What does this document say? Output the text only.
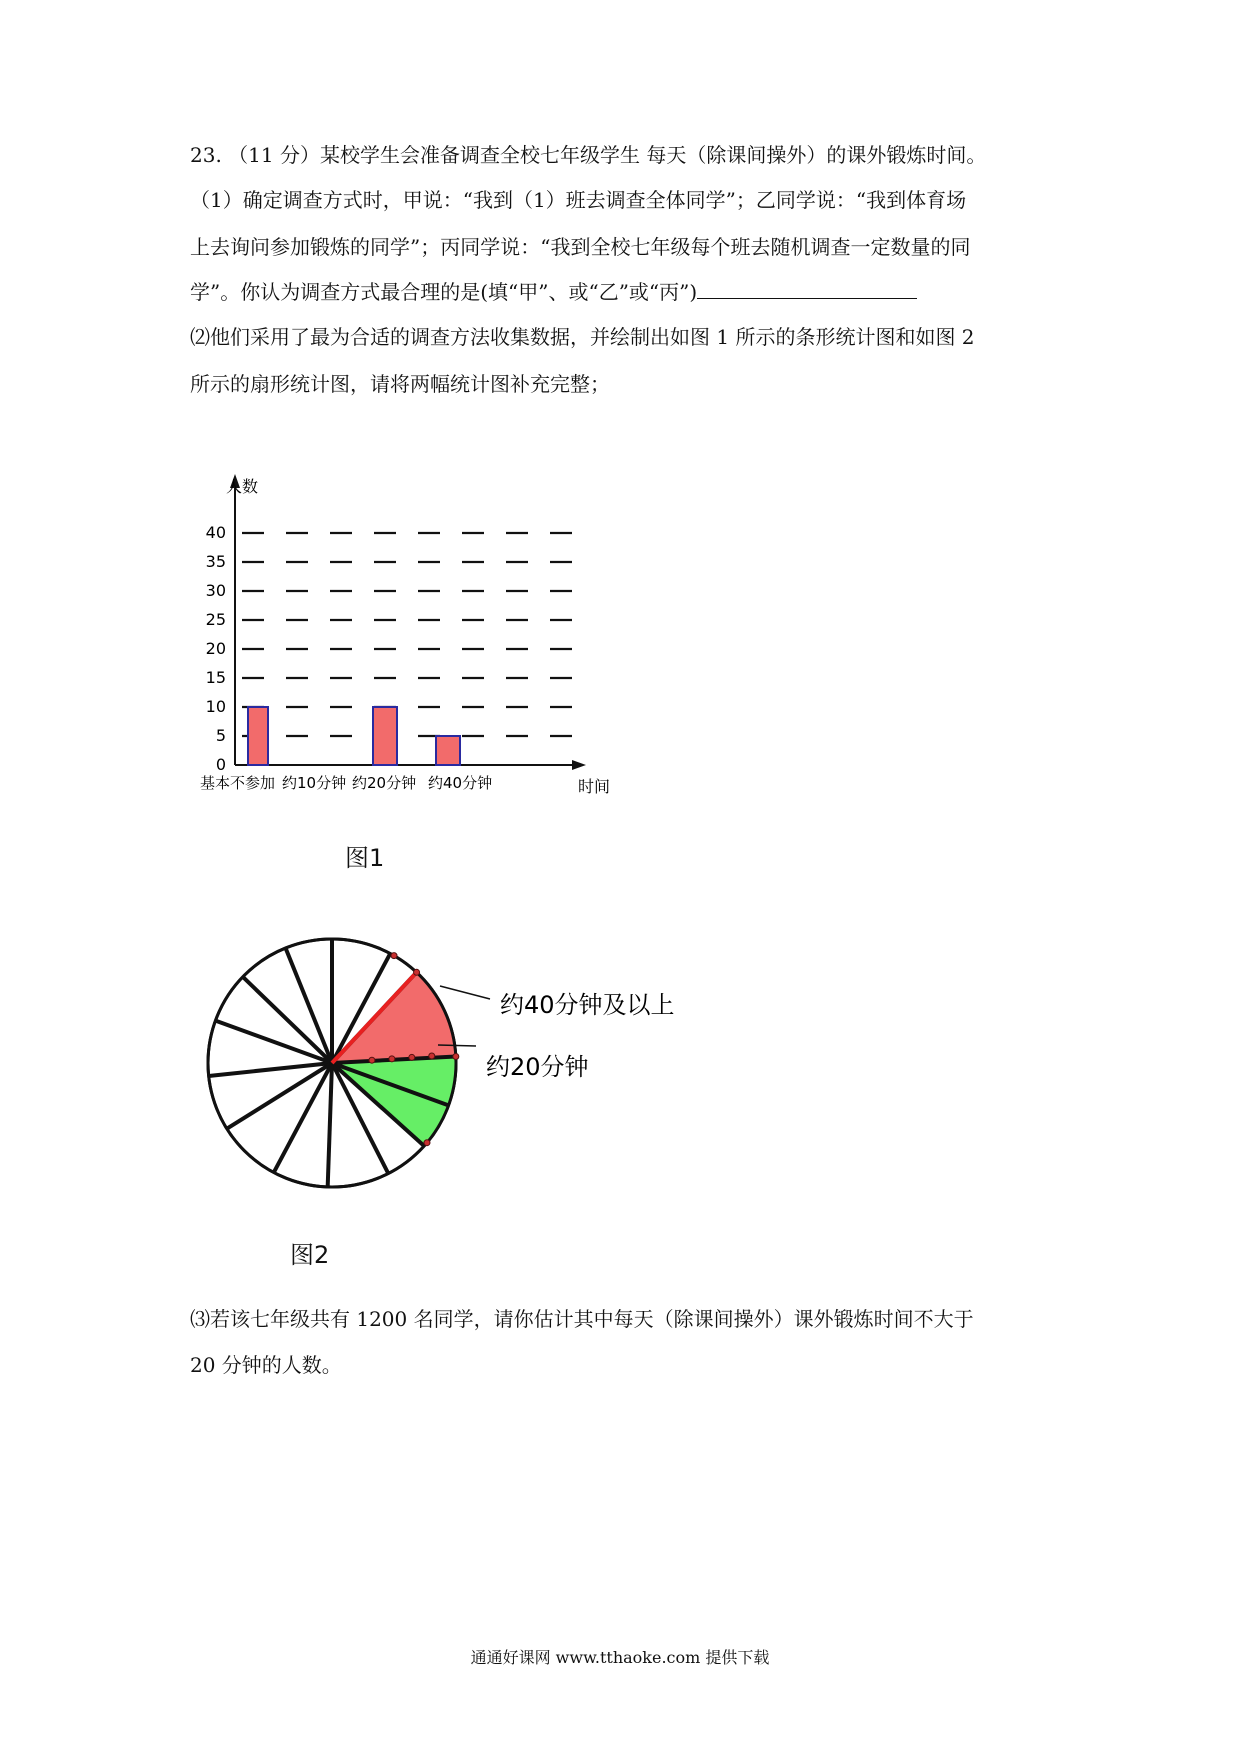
23. （11 分）某校学生会准备调查全校七年级学生 每天（除课间操外）的课外锻炼时间。
（1）确定调查方式时，甲说：“我到（1）班去调查全体同学”；乙同学说：“我到体育场
上去询问参加锻炼的同学”；丙同学说：“我到全校七年级每个班去随机调查一定数量的同
学”。你认为调查方式最合理的是(填“甲”、或“乙”或“丙”)
⑵他们采用了最为合适的调查方法收集数据，并绘制出如图 1 所示的条形统计图和如图 2
所示的扇形统计图，请将两幅统计图补充完整；
人数
时间
0
5
10
15
20
25
30
35
40
基本不参加 约10分钟 约20分钟 约40分钟
图1
约40分钟及以上
约20分钟
图2
⑶若该七年级共有 1200 名同学，请你估计其中每天（除课间操外）课外锻炼时间不大于
20 分钟的人数。
通通好课网 www.tthaoke.com 提供下载
